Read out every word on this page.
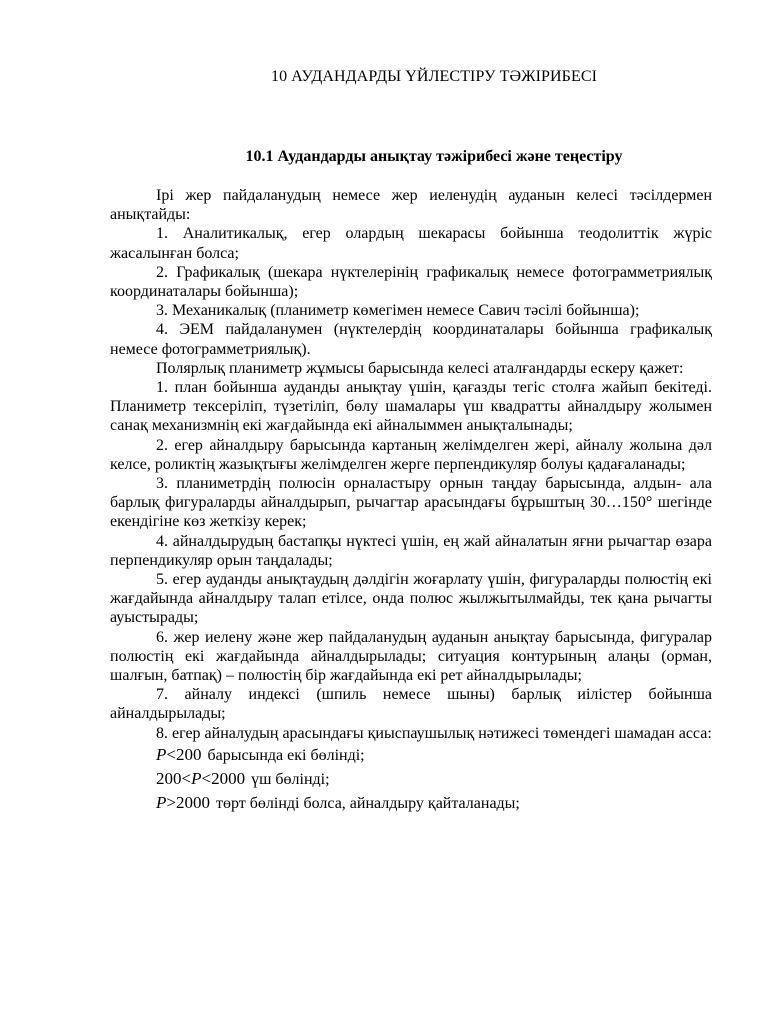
10 АУДАНДАРДЫ ҮЙЛЕСТІРУ ТӘЖІРИБЕСІ
10.1 Аудандарды анықтау тәжірибесі және теңестіру

Ірі жер пайдаланудың немесе жер иеленудің ауданын келесі тәсілдермен анықтайды:

1. Аналитикалық, егер олардың шекарасы бойынша теодолиттік жүріс жасалынған болса;

2. Графикалық (шекара нүктелерінің графикалық немесе фотограмметриялық координаталары бойынша);

3. Механикалық (планиметр көмегімен немесе Савич тәсілі бойынша);

4. ЭЕМ пайдаланумен (нүктелердің координаталары бойынша графикалық немесе фотограмметриялық).

Полярлық планиметр жұмысы барысында келесі аталғандарды ескеру қажет:

1. план бойынша ауданды анықтау үшін, қағазды тегіс столға жайып бекітеді. Планиметр тексеріліп, түзетіліп, бөлу шамалары үш квадратты айналдыру жолымен санақ механизмнің екі жағдайында екі айналыммен анықталынады;

2. егер айналдыру барысында картаның желімделген жері, айналу жолына дәл келсе, роликтің жазықтығы желімделген жерге перпендикуляр болуы қадағаланады;

3. планиметрдің полюсін орналастыру орнын таңдау барысында, алдын- ала барлық фигураларды айналдырып, рычагтар арасындағы бұрыштың 30…150° шегінде екендігіне көз жеткізу керек;

4. айналдырудың бастапқы нүктесі үшін, ең жай айналатын яғни рычагтар өзара перпендикуляр орын таңдалады;

5. егер ауданды анықтаудың дәлдігін жоғарлату үшін, фигураларды полюстің екі жағдайында айналдыру талап етілсе, онда полюс жылжытылмайды, тек қана рычагты ауыстырады;

6. жер иелену және жер пайдаланудың ауданын анықтау барысында, фигуралар полюстің екі жағдайында айналдырылады; ситуация контурының алаңы (орман, шалғын, батпақ) – полюстің бір жағдайында екі рет айналдырылады;

7. айналу индексі (шпиль немесе шыны) барлық иілістер бойынша айналдырылады;

8. егер айналудың арасындағы қиыспаушылық нәтижесі төмендегі шамадан асса:

P<200 барысында екі бөлінді;
200<P<2000 үш бөлінді;
P>2000 төрт бөлінді болса, айналдыру қайталанады;
